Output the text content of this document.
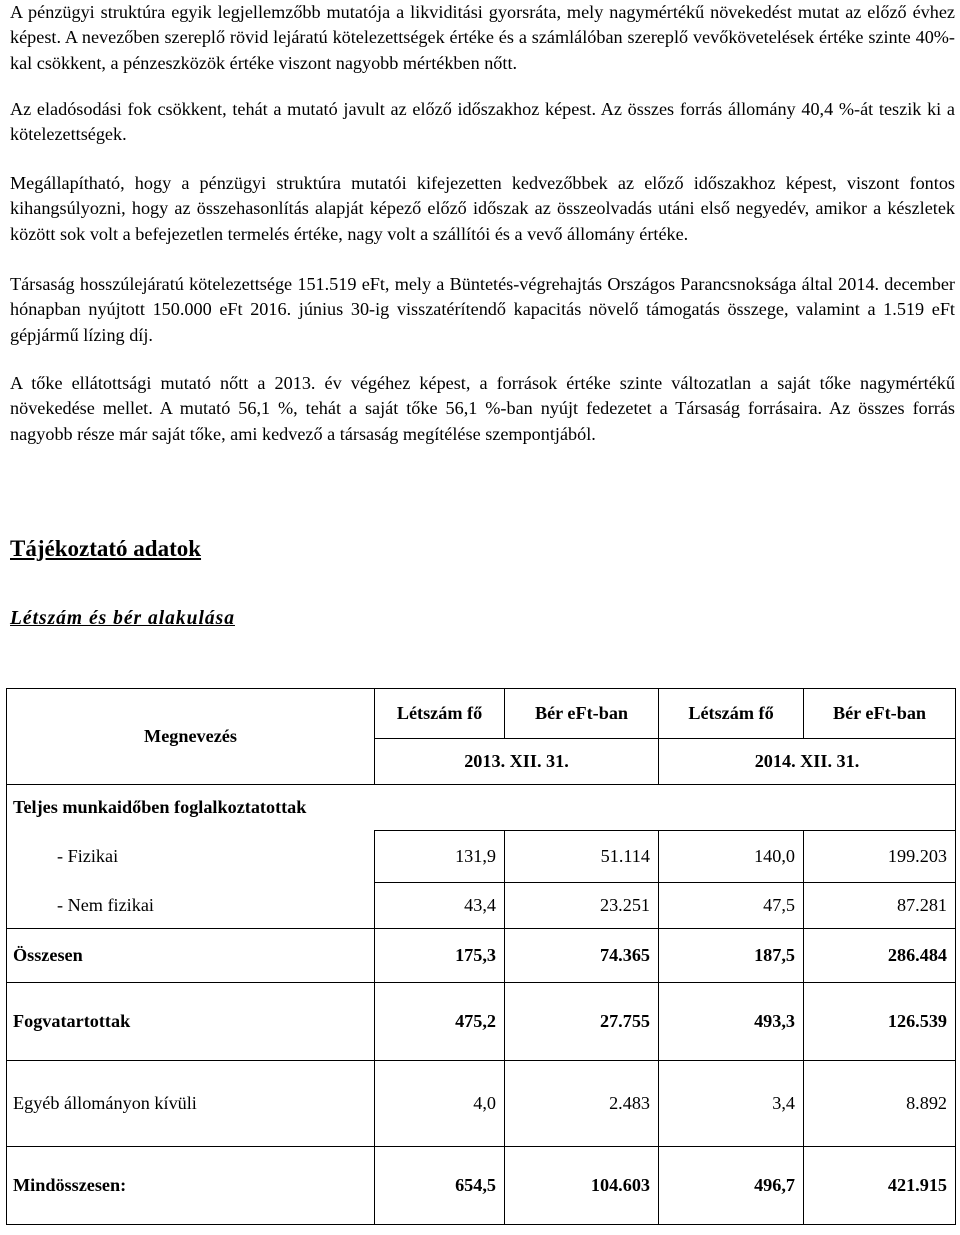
A pénzügyi struktúra egyik legjellemzőbb mutatója a likviditási gyorsráta, mely nagymértékű növekedést mutat az előző évhez képest. A nevezőben szereplő rövid lejáratú kötelezettségek értéke és a számlálóban szereplő vevőkövetelések értéke szinte 40%-kal csökkent, a pénzeszközök értéke viszont nagyobb mértékben nőtt.

Az eladósodási fok csökkent, tehát a mutató javult az előző időszakhoz képest. Az összes forrás állomány 40,4 %-át teszik ki a kötelezettségek.

Megállapítható, hogy a pénzügyi struktúra mutatói kifejezetten kedvezőbbek az előző időszakhoz képest, viszont fontos kihangsúlyozni, hogy az összehasonlítás alapját képező előző időszak az összeolvadás utáni első negyedév, amikor a készletek között sok volt a befejezetlen termelés értéke, nagy volt a szállítói és a vevő állomány értéke.

Társaság hosszúlejáratú kötelezettsége 151.519 eFt, mely a Büntetés-végrehajtás Országos Parancsnoksága által 2014. december hónapban nyújtott 150.000 eFt 2016. június 30-ig visszatérítendő kapacitás növelő támogatás összege, valamint a 1.519 eFt gépjármű lízing díj.

A tőke ellátottsági mutató nőtt a 2013. év végéhez képest, a források értéke szinte változatlan a saját tőke nagymértékű növekedése mellet. A mutató 56,1 %, tehát a saját tőke 56,1 %-ban nyújt fedezetet a Társaság forrásaira. Az összes forrás nagyobb része már saját tőke, ami kedvező a társaság megítélése szempontjából.

Tájékoztató adatok
Létszám és bér alakulása
Megnevezés	Létszám fő	Bér eFt-ban	Létszám fő	Bér eFt-ban
	2013. XII. 31.		2014. XII. 31.	
Teljes munkaidőben foglalkoztatottak				
- Fizikai	131,9	51.114	140,0	199.203
- Nem fizikai	43,4	23.251	47,5	87.281
Összesen	175,3	74.365	187,5	286.484
Fogvatartottak	475,2	27.755	493,3	126.539
Egyéb állományon kívüli	4,0	2.483	3,4	8.892
Mindösszesen:	654,5	104.603	496,7	421.915
